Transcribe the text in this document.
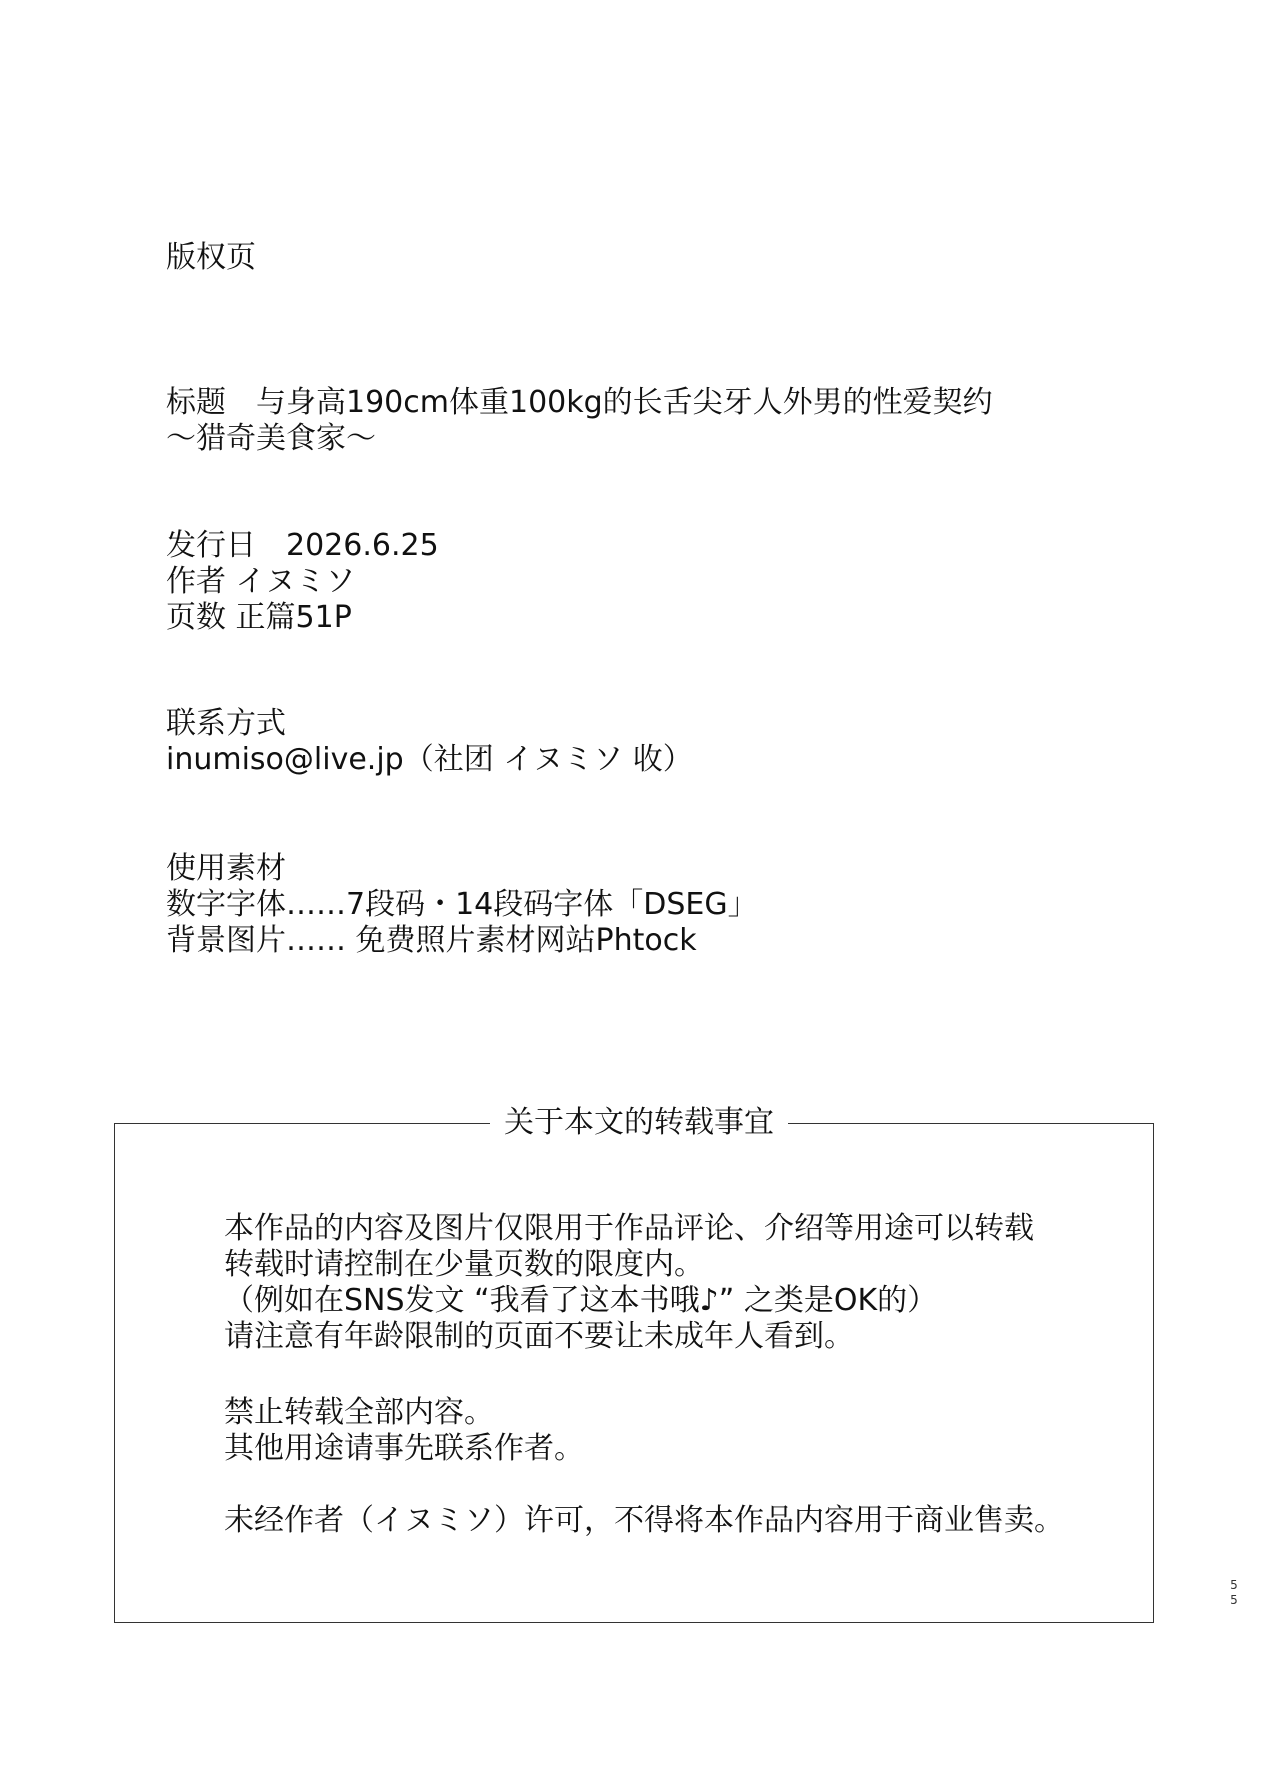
版权页
标题　与身高190cm体重100kg的长舌尖牙人外男的性爱契约
～猎奇美食家～
发行日　2026.6.25
作者 イヌミソ
页数 正篇51P
联系方式
inumiso@live.jp（社团 イヌミソ 收）
使用素材
数字字体……7段码・14段码字体「DSEG」
背景图片…… 免费照片素材网站Phtock
关于本文的转载事宜
本作品的内容及图片仅限用于作品评论、介绍等用途可以转载
转载时请控制在少量页数的限度内。
（例如在SNS发文 “我看了这本书哦♪” 之类是OK的）
请注意有年龄限制的页面不要让未成年人看到。
禁止转载全部内容。
其他用途请事先联系作者。
未经作者（イヌミソ）许可，不得将本作品内容用于商业售卖。
5
5
